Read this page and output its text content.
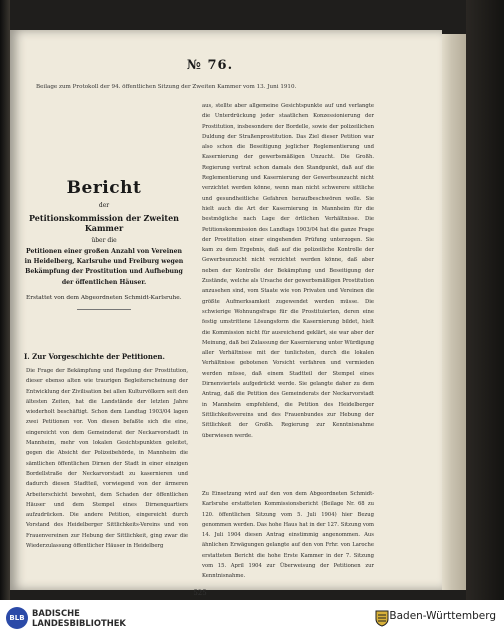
№ 76.
Beilage zum Protokoll der 94. öffentlichen Sitzung der Zweiten Kammer vom 13. Juni 1910.
Bericht
der
Petitionskommission der Zweiten Kammer
über die
Petitionen einer großen Anzahl von Vereinen
in Heidelberg, Karlsruhe und Freiburg wegen
Bekämpfung der Prostitution und Aufhebung
der öffentlichen Häuser.
Erstattet von dem Abgeordneten Schmidt-Karlsruhe.
I. Zur Vorgeschichte der Petitionen.
Die Frage der Bekämpfung und Regelung der Prostitution, dieser ebenso alten wie traurigen Begleiterscheinung der Entwicklung der Zivilisation bei allen Kulturvölkern seit den ältesten Zeiten, hat die Landstände der letzten Jahre wiederholt beschäftigt. Schon dem Landtag 1903/04 lagen zwei Petitionen vor. Von diesen befaßte sich die eine, eingereicht von dem Gemeinderat der Neckarvorstadt in Mannheim, mehr von lokalen Gesichtspunkten geleitet, gegen die Absicht der Polizeibehörde, in Mannheim die sämtlichen öffentlichen Dirnen der Stadt in einer einzigen Bordellstraße der Neckarvorstadt zu kasernieren und dadurch diesen Stadtteil, vorwiegend von der ärmeren Arbeiterschicht bewohnt, dem Schaden der öffentlichen Häuser und dem Stempel eines Dirnenquartiers aufzudrücken. Die andere Petition, eingereicht durch Vorstand des Heidelberger Sittlichkeits-Vereins und von Frauenvereinen zur Hebung der Sittlichkeit, ging zwar die Wiederzulassung öffentlicher Häuser in Heidelberg
aus, stellte aber allgemeine Gesichtspunkte auf und verlangte die Unterdrückung jeder staatlichen Konzessionierung der Prostitution, insbesondere der Bordelle, sowie der polizeilichen Duldung der Straßenprostitution. Das Ziel dieser Petition war also schon die Beseitigung jeglicher Reglementierung und Kasernierung der gewerbsmäßigen Unzucht. Die Großh. Regierung vertrat schon damals den Standpunkt, daß auf die Reglementierung und Kasernierung der Gewerbsunzucht nicht verzichtet werden könne, wenn man nicht schwerere sittliche und gesundheitliche Gefahren heraufbeschwören wolle. Sie hielt auch die Art der Kasernierung in Mannheim für die bestmögliche nach Lage der örtlichen Verhältnisse. Die Petitionskommission des Landtags 1903/04 hat die ganze Frage der Prostitution einer eingehenden Prüfung unterzogen. Sie kam zu dem Ergebnis, daß auf die polizeiliche Kontrolle der Gewerbsunzucht nicht verzichtet werden könne, daß aber neben der Kontrolle der Bekämpfung und Beseitigung der Zustände, welche als Ursache der gewerbsmäßigen Prostitution anzusehen sind, vom Staate wie von Privaten und Vereinen die größte Aufmerksamkeit zugewendet werden müsse. Die schwierige Wohnungsfrage für die Prostituierten, deren eine festig umstrittene Lösungsform die Kasernierung bildet, hielt die Kommission nicht für ausreichend geklärt, sie war aber der Meinung, daß bei Zulassung der Kasernierung unter Würdigung aller Verhältnisse mit der tunlichsten, durch die lokalen Verhältnisse gebotenen Vorsicht verfahren und vermieden werden müsse, daß einem Stadtteil der Stempel eines Dirnenviertels aufgedrückt werde. Sie gelangte daher zu dem Antrag, daß die Petition des Gemeinderats der Neckarvorstadt in Mannheim empfehlend, die Petition des Heidelberger Sittlichkeitsvereins und des Frauenbundes zur Hebung der Sittlichkeit der Großh. Regierung zur Kenntnisnahme überwiesen werde.
Zu Einsetzung wird auf den von dem Abgeordneten Schmidt-Karlsruhe erstatteten Kommissionsbericht (Beilage Nr. 68 zu 120. öffentlichen Sitzung vom 5. Juli 1904) hier Bezug genommen werden. Das hohe Haus hat in der 127. Sitzung vom 14. Juli 1904 diesen Antrag einstimmig angenommen. Aus ähnlichen Erwägungen gelangte auf den von Frhr. von Laroche erstatteten Bericht die hohe Erste Kammer in der 7. Sitzung vom 15. April 1904 zur Überweisung der Petitionen zur Kenntnisnahme.
525
BLB BADISCHE
LANDESBIBLIOTHEK
Baden-Württemberg
